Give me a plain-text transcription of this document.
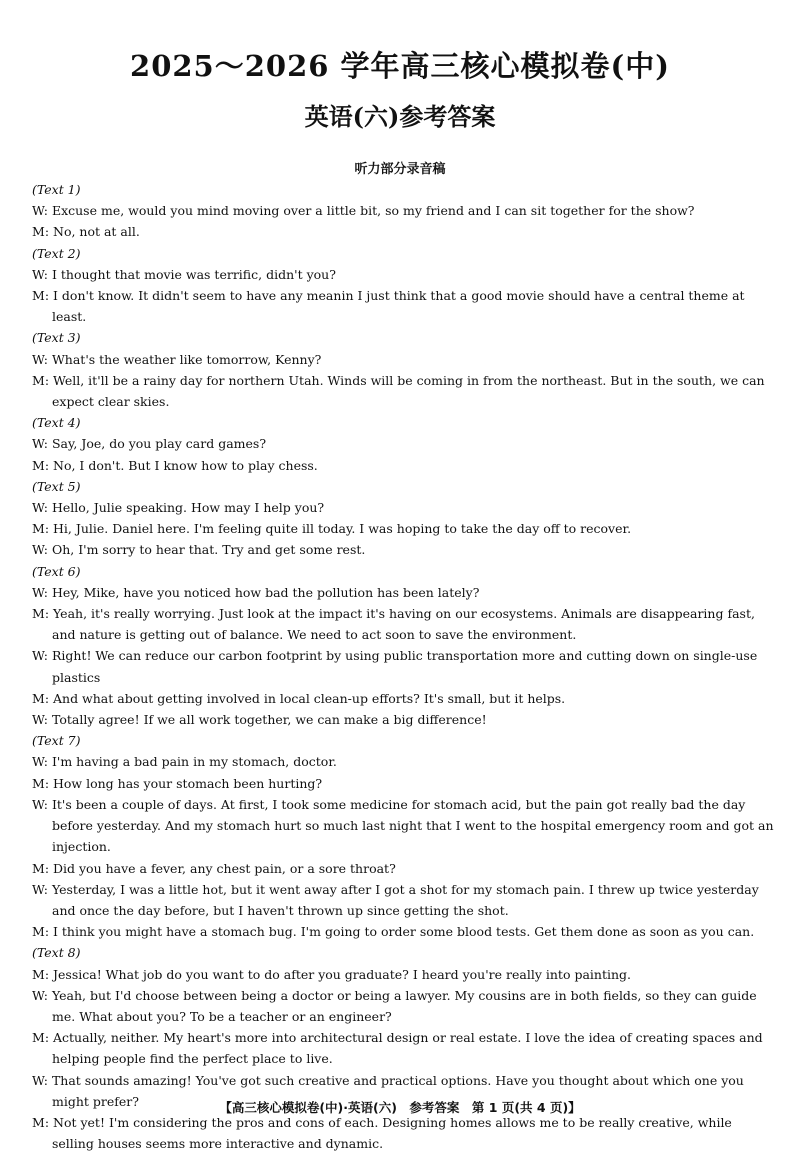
2025～2026 学年高三核心模拟卷(中)
英语(六)参考答案
听力部分录音稿

(Text 1)

W: Excuse me, would you mind moving over a little bit, so my friend and I can sit together for the show?

M: No, not at all.

(Text 2)

W: I thought that movie was terrific, didn't you?

M: I don't know. It didn't seem to have any meanin I just think that a good movie should have a central theme at least.

(Text 3)

W: What's the weather like tomorrow, Kenny?

M: Well, it'll be a rainy day for northern Utah. Winds will be coming in from the northeast. But in the south, we can expect clear skies.

(Text 4)

W: Say, Joe, do you play card games?

M: No, I don't. But I know how to play chess.

(Text 5)

W: Hello, Julie speaking. How may I help you?

M: Hi, Julie. Daniel here. I'm feeling quite ill today. I was hoping to take the day off to recover.

W: Oh, I'm sorry to hear that. Try and get some rest.

(Text 6)

W: Hey, Mike, have you noticed how bad the pollution has been lately?

M: Yeah, it's really worrying. Just look at the impact it's having on our ecosystems. Animals are disappearing fast, and nature is getting out of balance. We need to act soon to save the environment.

W: Right! We can reduce our carbon footprint by using public transportation more and cutting down on single-use plastics

M: And what about getting involved in local clean-up efforts? It's small, but it helps.

W: Totally agree! If we all work together, we can make a big difference!

(Text 7)

W: I'm having a bad pain in my stomach, doctor.

M: How long has your stomach been hurting?

W: It's been a couple of days. At first, I took some medicine for stomach acid, but the pain got really bad the day before yesterday. And my stomach hurt so much last night that I went to the hospital emergency room and got an injection.

M: Did you have a fever, any chest pain, or a sore throat?

W: Yesterday, I was a little hot, but it went away after I got a shot for my stomach pain. I threw up twice yesterday and once the day before, but I haven't thrown up since getting the shot.

M: I think you might have a stomach bug. I'm going to order some blood tests. Get them done as soon as you can.

(Text 8)

M: Jessica! What job do you want to do after you graduate? I heard you're really into painting.

W: Yeah, but I'd choose between being a doctor or being a lawyer. My cousins are in both fields, so they can guide me. What about you? To be a teacher or an engineer?

M: Actually, neither. My heart's more into architectural design or real estate. I love the idea of creating spaces and helping people find the perfect place to live.

W: That sounds amazing! You've got such creative and practical options. Have you thought about which one you might prefer?

M: Not yet! I'm considering the pros and cons of each. Designing homes allows me to be really creative, while selling houses seems more interactive and dynamic.

【高三核心模拟卷(中)·英语(六)　参考答案　第 1 页(共 4 页)】
